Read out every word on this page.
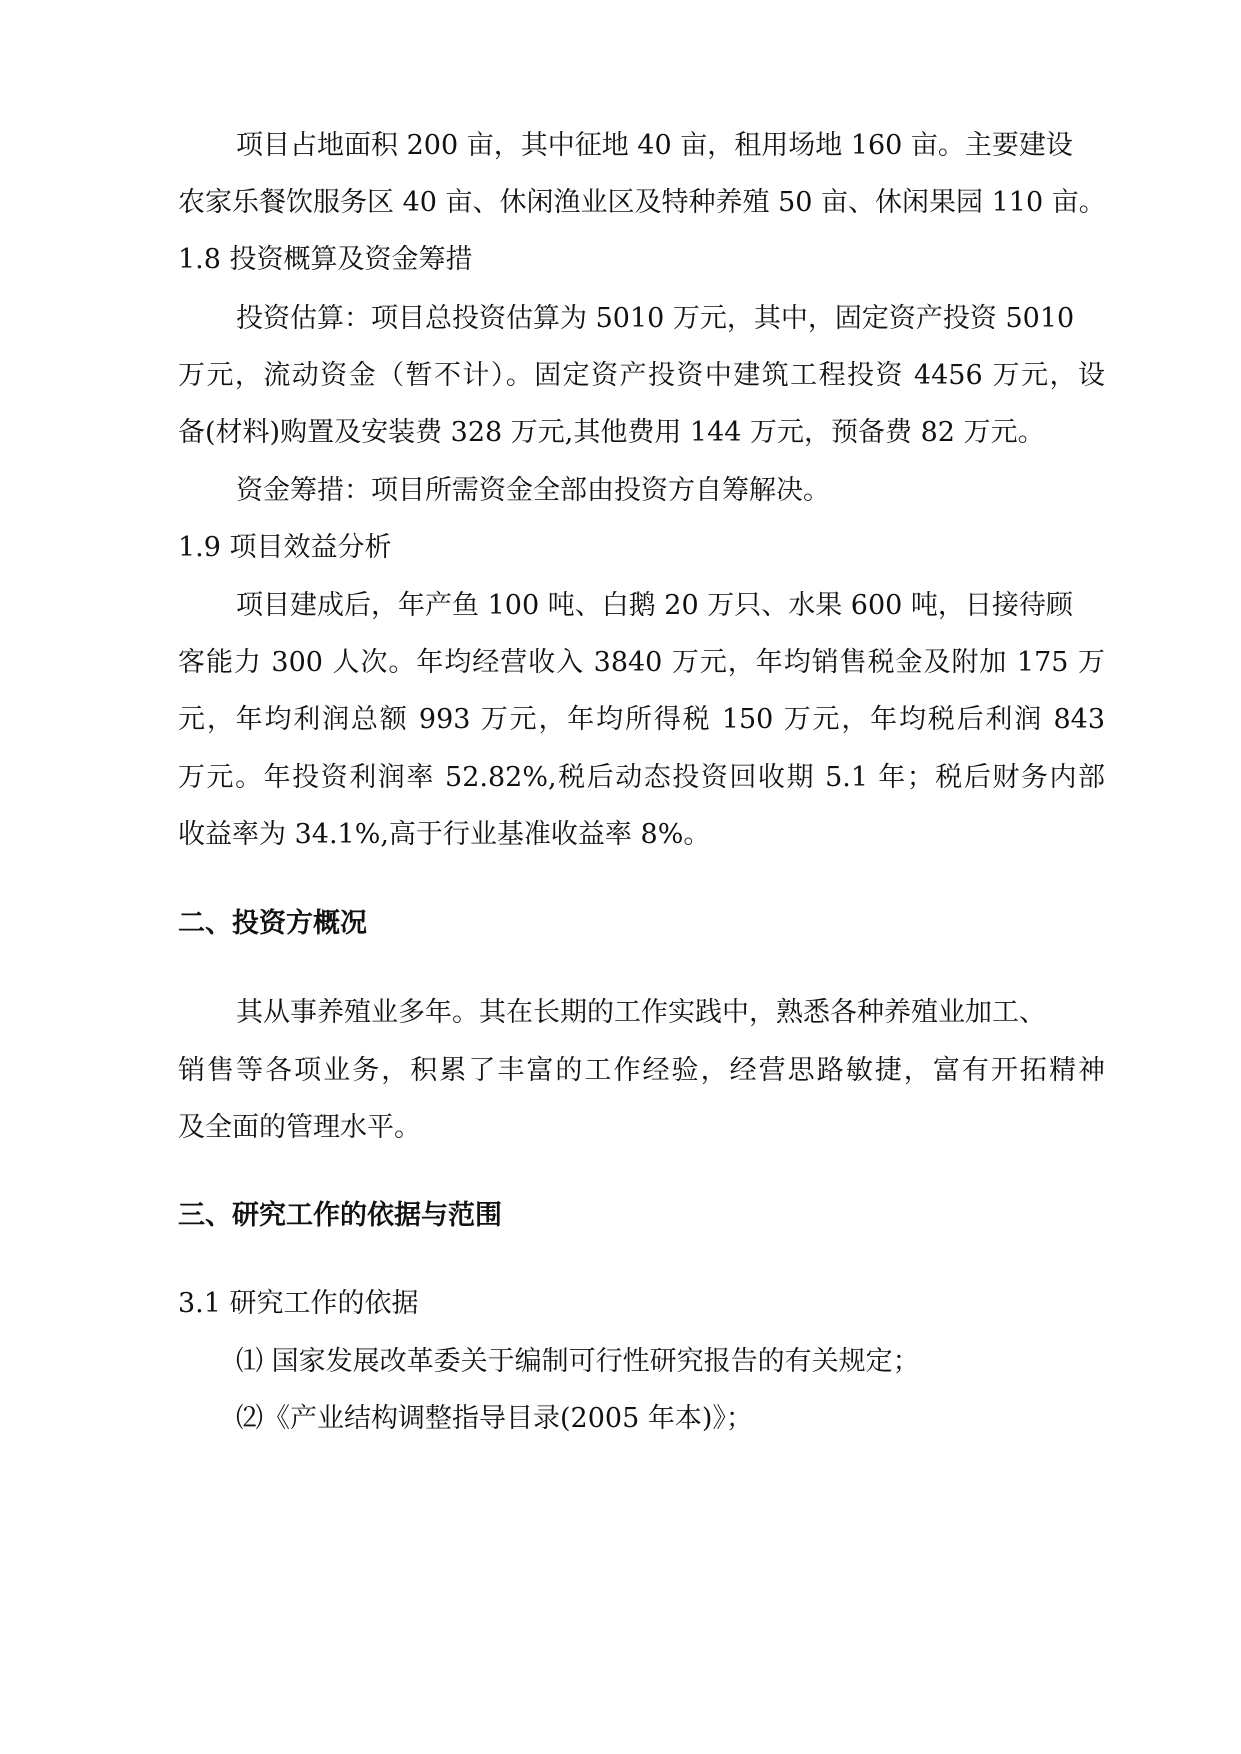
项目占地面积 200 亩，其中征地 40 亩，租用场地 160 亩。主要建设
农家乐餐饮服务区 40 亩、休闲渔业区及特种养殖 50 亩、休闲果园 110 亩。
1.8 投资概算及资金筹措
投资估算：项目总投资估算为 5010 万元，其中，固定资产投资 5010
万元，流动资金（暂不计）。固定资产投资中建筑工程投资 4456 万元，设
备(材料)购置及安装费 328 万元,其他费用 144 万元，预备费 82 万元。
资金筹措：项目所需资金全部由投资方自筹解决。
1.9 项目效益分析
项目建成后，年产鱼 100 吨、白鹅 20 万只、水果 600 吨，日接待顾
客能力 300 人次。年均经营收入 3840 万元，年均销售税金及附加 175 万
元，年均利润总额 993 万元，年均所得税 150 万元，年均税后利润 843
万元。年投资利润率 52.82%,税后动态投资回收期 5.1 年；税后财务内部
收益率为 34.1%,高于行业基准收益率 8%。
二、投资方概况
其从事养殖业多年。其在长期的工作实践中，熟悉各种养殖业加工、
销售等各项业务，积累了丰富的工作经验，经营思路敏捷，富有开拓精神
及全面的管理水平。
三、研究工作的依据与范围
3.1 研究工作的依据
⑴ 国家发展改革委关于编制可行性研究报告的有关规定；
⑵《产业结构调整指导目录(2005 年本)》；
